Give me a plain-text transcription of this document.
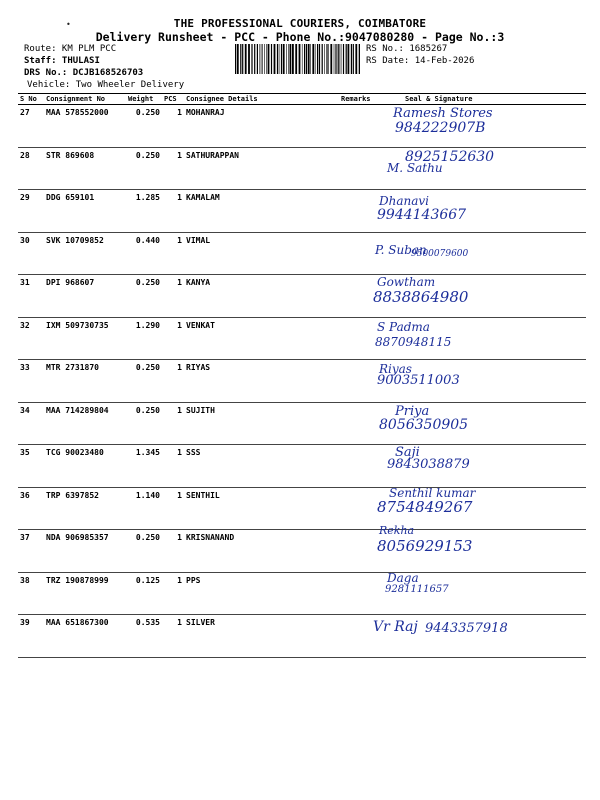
THE PROFESSIONAL COURIERS, COIMBATORE
Delivery Runsheet - PCC - Phone No.:9047080280 - Page No.:3
Route: KM PLM PCC
Staff: THULASI
DRS No.: DCJB168526703
Vehicle: Two Wheeler Delivery
RS No.: 1685267
RS Date: 14-Feb-2026
•
S No	Consignment No	Weight	PCS	Consignee Details	Remarks	Seal & Signature
27	MAA 578552000	0.250	1	MOHANRAJ		Ramesh Stores
984222907B

28	STR 869608	0.250	1	SATHURAPPAN		8925152630
M. Sathu

29	DDG 659101	1.285	1	KAMALAM		Dhanavi
9944143667

30	SVK 10709852	0.440	1	VIMAL		P. Suban
9500079600

31	DPI 968607	0.250	1	KANYA		Gowtham
8838864980

32	IXM 509730735	1.290	1	VENKAT		S Padma
8870948115

33	MTR 2731870	0.250	1	RIYAS		Riyas
9003511003

34	MAA 714289804	0.250	1	SUJITH		Priya
8056350905

35	TCG 90023480	1.345	1	SSS		Saji
9843038879

36	TRP 6397852	1.140	1	SENTHIL		Senthil kumar
8754849267

37	NDA 906985357	0.250	1	KRISNANAND		Rekha
8056929153

38	TRZ 190878999	0.125	1	PPS		Daga
9281111657

39	MAA 651867300	0.535	1	SILVER		Vr Raj 9443357918
